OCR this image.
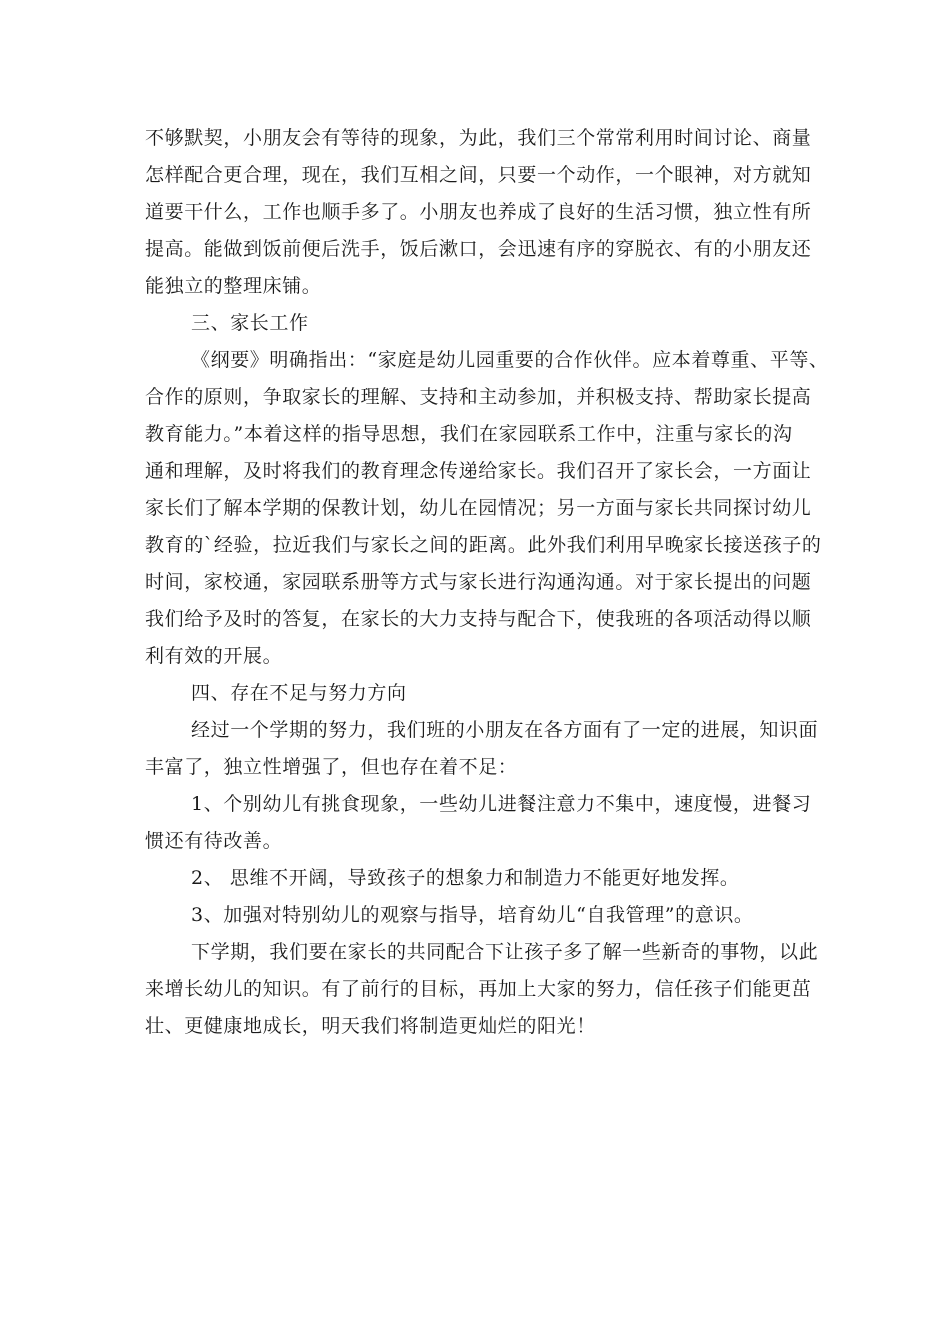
不够默契，小朋友会有等待的现象，为此，我们三个常常利用时间讨论、商量
怎样配合更合理，现在，我们互相之间，只要一个动作，一个眼神，对方就知
道要干什么，工作也顺手多了。小朋友也养成了良好的生活习惯，独立性有所
提高。能做到饭前便后洗手，饭后漱口，会迅速有序的穿脱衣、有的小朋友还
能独立的整理床铺。
三、家长工作
《纲要》明确指出：“家庭是幼儿园重要的合作伙伴。应本着尊重、平等、
合作的原则，争取家长的理解、支持和主动参加，并积极支持、帮助家长提高
教育能力。”本着这样的指导思想，我们在家园联系工作中，注重与家长的沟
通和理解，及时将我们的教育理念传递给家长。我们召开了家长会，一方面让
家长们了解本学期的保教计划，幼儿在园情况；另一方面与家长共同探讨幼儿
教育的`经验，拉近我们与家长之间的距离。此外我们利用早晚家长接送孩子的
时间，家校通，家园联系册等方式与家长进行沟通沟通。对于家长提出的问题
我们给予及时的答复，在家长的大力支持与配合下，使我班的各项活动得以顺
利有效的开展。
四、存在不足与努力方向
经过一个学期的努力，我们班的小朋友在各方面有了一定的进展，知识面
丰富了，独立性增强了，但也存在着不足：
1、个别幼儿有挑食现象，一些幼儿进餐注意力不集中，速度慢，进餐习
惯还有待改善。
2、 思维不开阔，导致孩子的想象力和制造力不能更好地发挥。
3、加强对特别幼儿的观察与指导，培育幼儿“自我管理”的意识。
下学期，我们要在家长的共同配合下让孩子多了解一些新奇的事物，以此
来增长幼儿的知识。有了前行的目标，再加上大家的努力，信任孩子们能更茁
壮、更健康地成长，明天我们将制造更灿烂的阳光！
